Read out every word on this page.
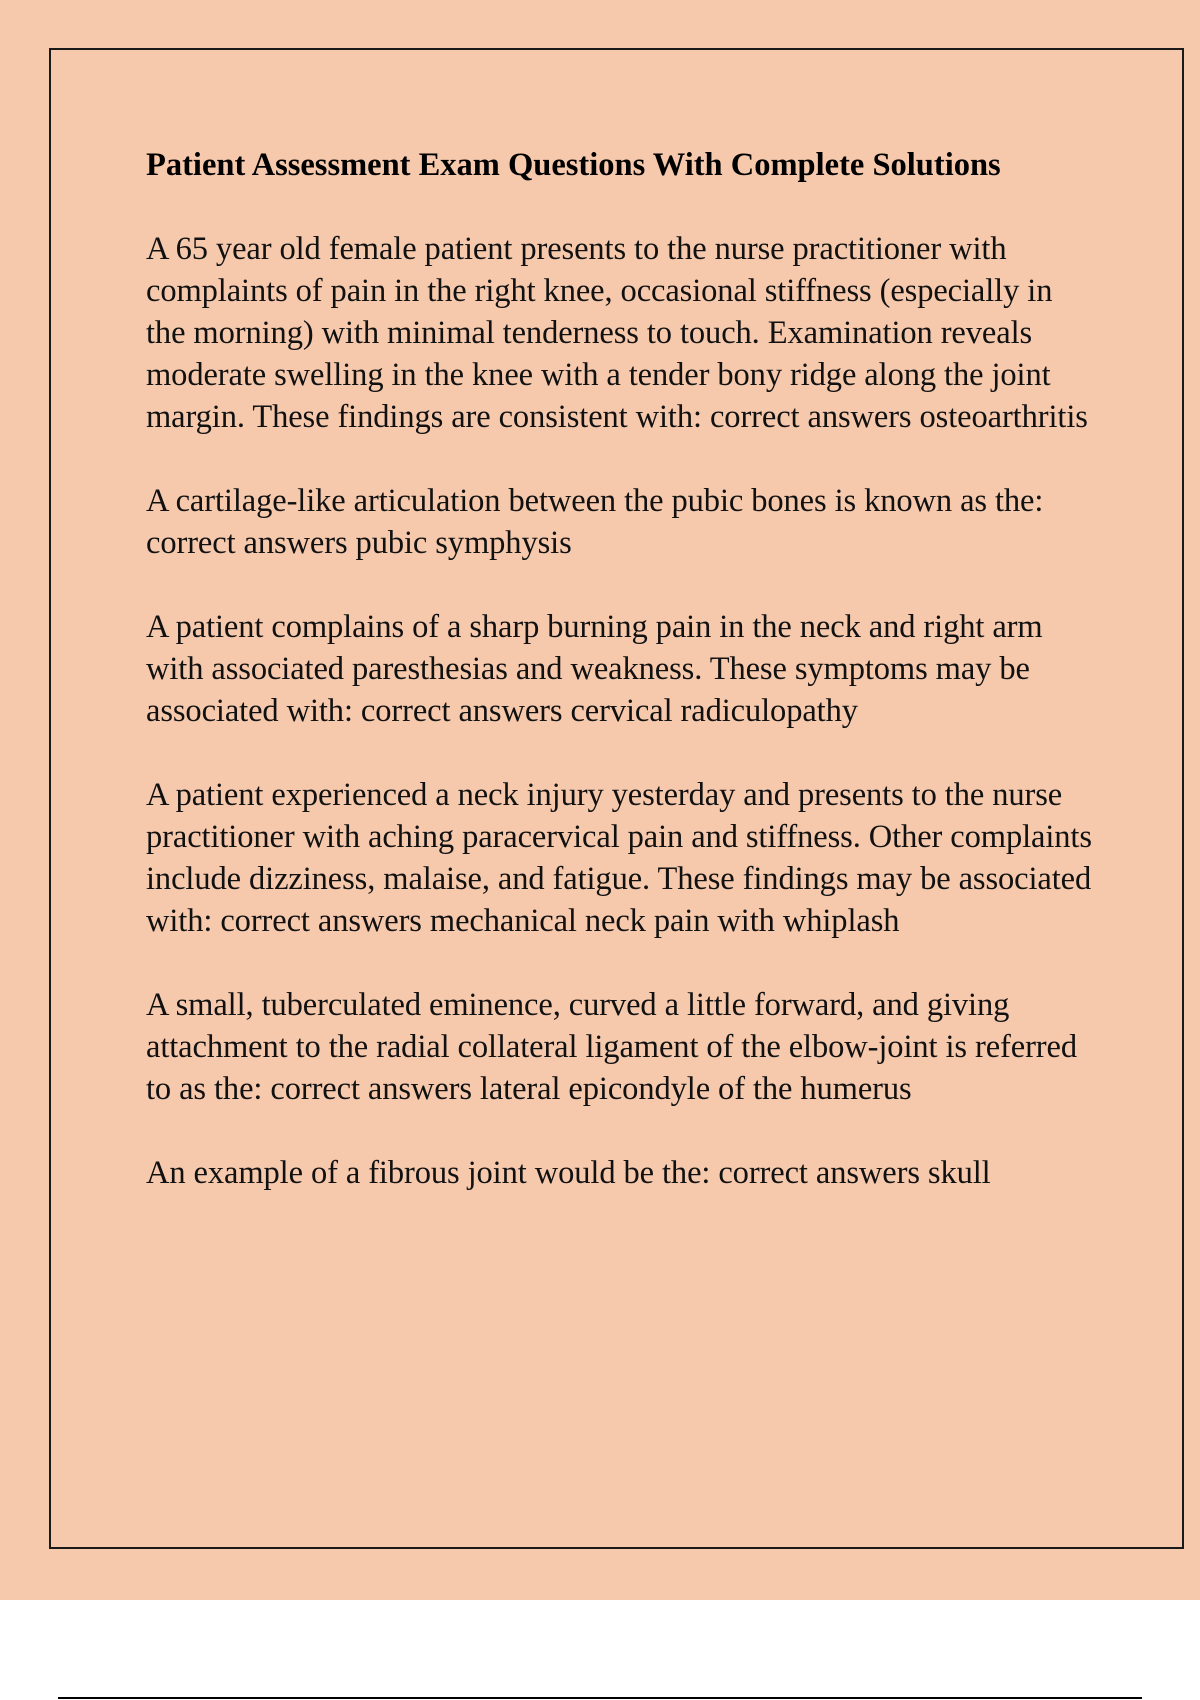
Patient Assessment Exam Questions With Complete Solutions

A 65 year old female patient presents to the nurse practitioner with complaints of pain in the right knee, occasional stiffness (especially in the morning) with minimal tenderness to touch. Examination reveals moderate swelling in the knee with a tender bony ridge along the joint margin. These findings are consistent with: correct answers osteoarthritis

A cartilage-like articulation between the pubic bones is known as the:correct answers pubic symphysis

A patient complains of a sharp burning pain in the neck and right arm with associated paresthesias and weakness. These symptoms may be associated with: correct answers cervical radiculopathy

A patient experienced a neck injury yesterday and presents to the nurse practitioner with aching paracervical pain and stiffness. Other complaints include dizziness, malaise, and fatigue. These findings may be associated with: correct answers mechanical neck pain with whiplash

A small, tuberculated eminence, curved a little forward, and giving attachment to the radial collateral ligament of the elbow-joint is referred to as the: correct answers lateral epicondyle of the humerus

An example of a fibrous joint would be the: correct answers skull
